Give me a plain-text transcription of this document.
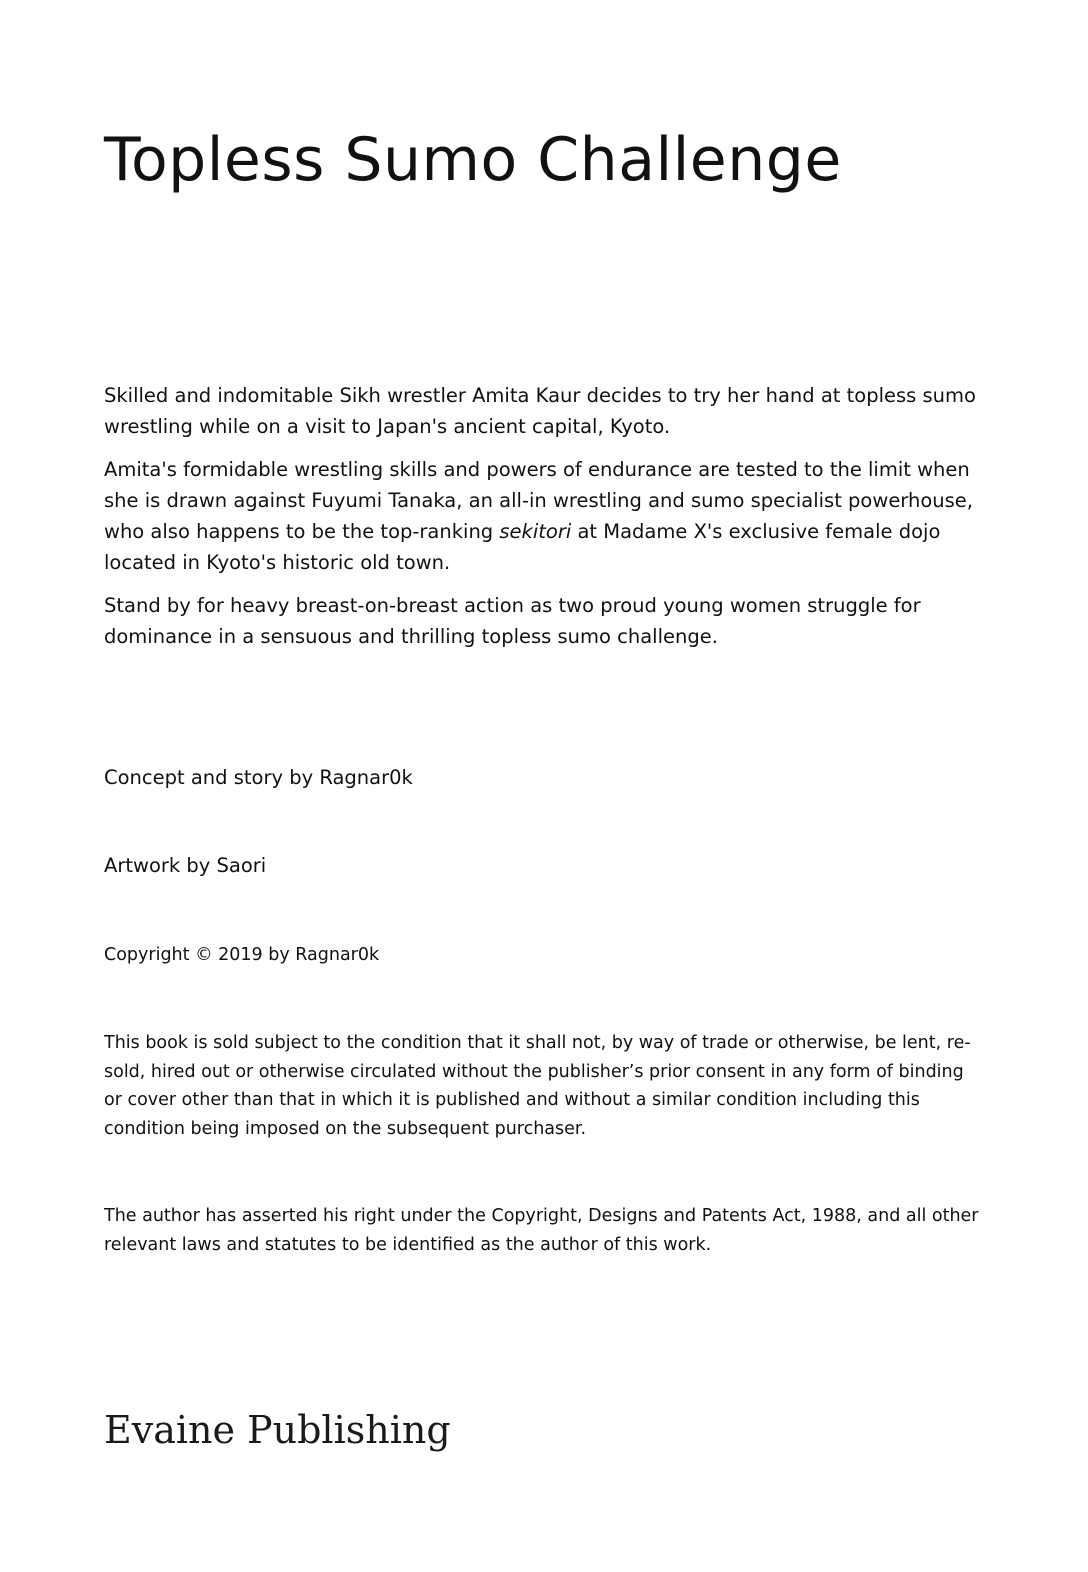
Topless Sumo Challenge

Skilled and indomitable Sikh wrestler Amita Kaur decides to try her hand at topless sumo wrestling while on a visit to Japan's ancient capital, Kyoto.

Amita's formidable wrestling skills and powers of endurance are tested to the limit when she is drawn against Fuyumi Tanaka, an all-in wrestling and sumo specialist powerhouse, who also happens to be the top-ranking sekitori at Madame X's exclusive female dojo located in Kyoto's historic old town.

Stand by for heavy breast-on-breast action as two proud young women struggle for dominance in a sensuous and thrilling topless sumo challenge.

Concept and story by Ragnar0k

Artwork by Saori

Copyright © 2019 by Ragnar0k

This book is sold subject to the condition that it shall not, by way of trade or otherwise, be lent, re-sold, hired out or otherwise circulated without the publisher’s prior consent in any form of binding or cover other than that in which it is published and without a similar condition including this condition being imposed on the subsequent purchaser.

The author has asserted his right under the Copyright, Designs and Patents Act, 1988, and all other relevant laws and statutes to be identified as the author of this work.

Evaine Publishing
